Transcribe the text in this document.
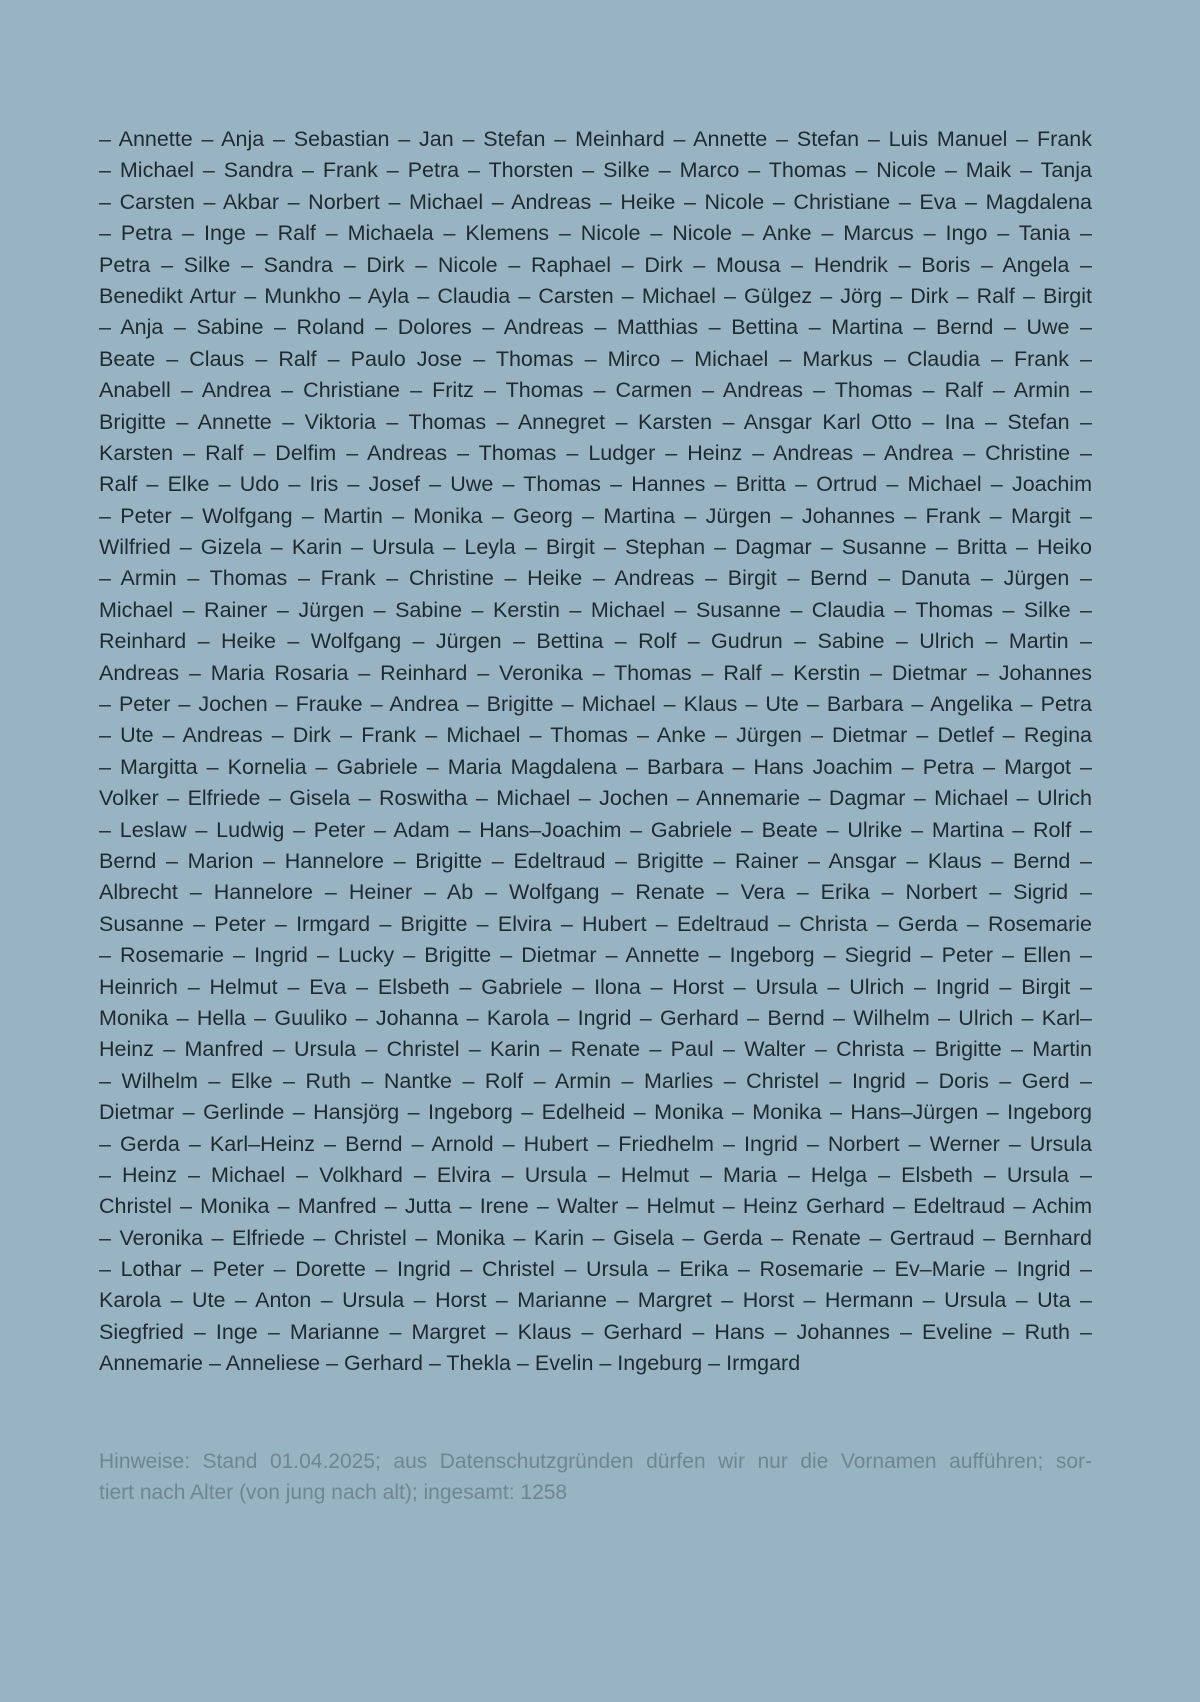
– Annette – Anja – Sebastian – Jan – Stefan – Meinhard – Annette – Stefan – Luis Manuel – Frank
– Michael – Sandra – Frank – Petra – Thorsten – Silke – Marco – Thomas – Nicole – Maik – Tanja
– Carsten – Akbar – Norbert – Michael – Andreas – Heike – Nicole – Christiane – Eva – Magdalena
– Petra – Inge – Ralf – Michaela – Klemens – Nicole – Nicole – Anke – Marcus – Ingo – Tania –
Petra – Silke – Sandra – Dirk – Nicole – Raphael – Dirk – Mousa – Hendrik – Boris – Angela –
Benedikt Artur – Munkho – Ayla – Claudia – Carsten – Michael – Gülgez – Jörg – Dirk – Ralf – Birgit
– Anja – Sabine – Roland – Dolores – Andreas – Matthias – Bettina – Martina – Bernd – Uwe –
Beate – Claus – Ralf – Paulo Jose – Thomas – Mirco – Michael – Markus – Claudia – Frank –
Anabell – Andrea – Christiane – Fritz – Thomas – Carmen – Andreas – Thomas – Ralf – Armin –
Brigitte – Annette – Viktoria – Thomas – Annegret – Karsten – Ansgar Karl Otto – Ina – Stefan –
Karsten – Ralf – Delfim – Andreas – Thomas – Ludger – Heinz – Andreas – Andrea – Christine –
Ralf – Elke – Udo – Iris – Josef – Uwe – Thomas – Hannes – Britta – Ortrud – Michael – Joachim
– Peter – Wolfgang – Martin – Monika – Georg – Martina – Jürgen – Johannes – Frank – Margit –
Wilfried – Gizela – Karin – Ursula – Leyla – Birgit – Stephan – Dagmar – Susanne – Britta – Heiko
– Armin – Thomas – Frank – Christine – Heike – Andreas – Birgit – Bernd – Danuta – Jürgen –
Michael – Rainer – Jürgen – Sabine – Kerstin – Michael – Susanne – Claudia – Thomas – Silke –
Reinhard – Heike – Wolfgang – Jürgen – Bettina – Rolf – Gudrun – Sabine – Ulrich – Martin –
Andreas – Maria Rosaria – Reinhard – Veronika – Thomas – Ralf – Kerstin – Dietmar – Johannes
– Peter – Jochen – Frauke – Andrea – Brigitte – Michael – Klaus – Ute – Barbara – Angelika – Petra
– Ute – Andreas – Dirk – Frank – Michael – Thomas – Anke – Jürgen – Dietmar – Detlef – Regina
– Margitta – Kornelia – Gabriele – Maria Magdalena – Barbara – Hans Joachim – Petra – Margot –
Volker – Elfriede – Gisela – Roswitha – Michael – Jochen – Annemarie – Dagmar – Michael – Ulrich
– Leslaw – Ludwig – Peter – Adam – Hans–Joachim – Gabriele – Beate – Ulrike – Martina – Rolf –
Bernd – Marion – Hannelore – Brigitte – Edeltraud – Brigitte – Rainer – Ansgar – Klaus – Bernd –
Albrecht – Hannelore – Heiner – Ab – Wolfgang – Renate – Vera – Erika – Norbert – Sigrid –
Susanne – Peter – Irmgard – Brigitte – Elvira – Hubert – Edeltraud – Christa – Gerda – Rosemarie
– Rosemarie – Ingrid – Lucky – Brigitte – Dietmar – Annette – Ingeborg – Siegrid – Peter – Ellen –
Heinrich – Helmut – Eva – Elsbeth – Gabriele – Ilona – Horst – Ursula – Ulrich – Ingrid – Birgit –
Monika – Hella – Guuliko – Johanna – Karola – Ingrid – Gerhard – Bernd – Wilhelm – Ulrich – Karl–
Heinz – Manfred – Ursula – Christel – Karin – Renate – Paul – Walter – Christa – Brigitte – Martin
– Wilhelm – Elke – Ruth – Nantke – Rolf – Armin – Marlies – Christel – Ingrid – Doris – Gerd –
Dietmar – Gerlinde – Hansjörg – Ingeborg – Edelheid – Monika – Monika – Hans–Jürgen – Ingeborg
– Gerda – Karl–Heinz – Bernd – Arnold – Hubert – Friedhelm – Ingrid – Norbert – Werner – Ursula
– Heinz – Michael – Volkhard – Elvira – Ursula – Helmut – Maria – Helga – Elsbeth – Ursula –
Christel – Monika – Manfred – Jutta – Irene – Walter – Helmut – Heinz Gerhard – Edeltraud – Achim
– Veronika – Elfriede – Christel – Monika – Karin – Gisela – Gerda – Renate – Gertraud – Bernhard
– Lothar – Peter – Dorette – Ingrid – Christel – Ursula – Erika – Rosemarie – Ev–Marie – Ingrid –
Karola – Ute – Anton – Ursula – Horst – Marianne – Margret – Horst – Hermann – Ursula – Uta –
Siegfried – Inge – Marianne – Margret – Klaus – Gerhard – Hans – Johannes – Eveline – Ruth –
Annemarie – Anneliese – Gerhard – Thekla – Evelin – Ingeburg – Irmgard
Hinweise: Stand 01.04.2025; aus Datenschutzgründen dürfen wir nur die Vornamen aufführen; sor-
tiert nach Alter (von jung nach alt); ingesamt: 1258
